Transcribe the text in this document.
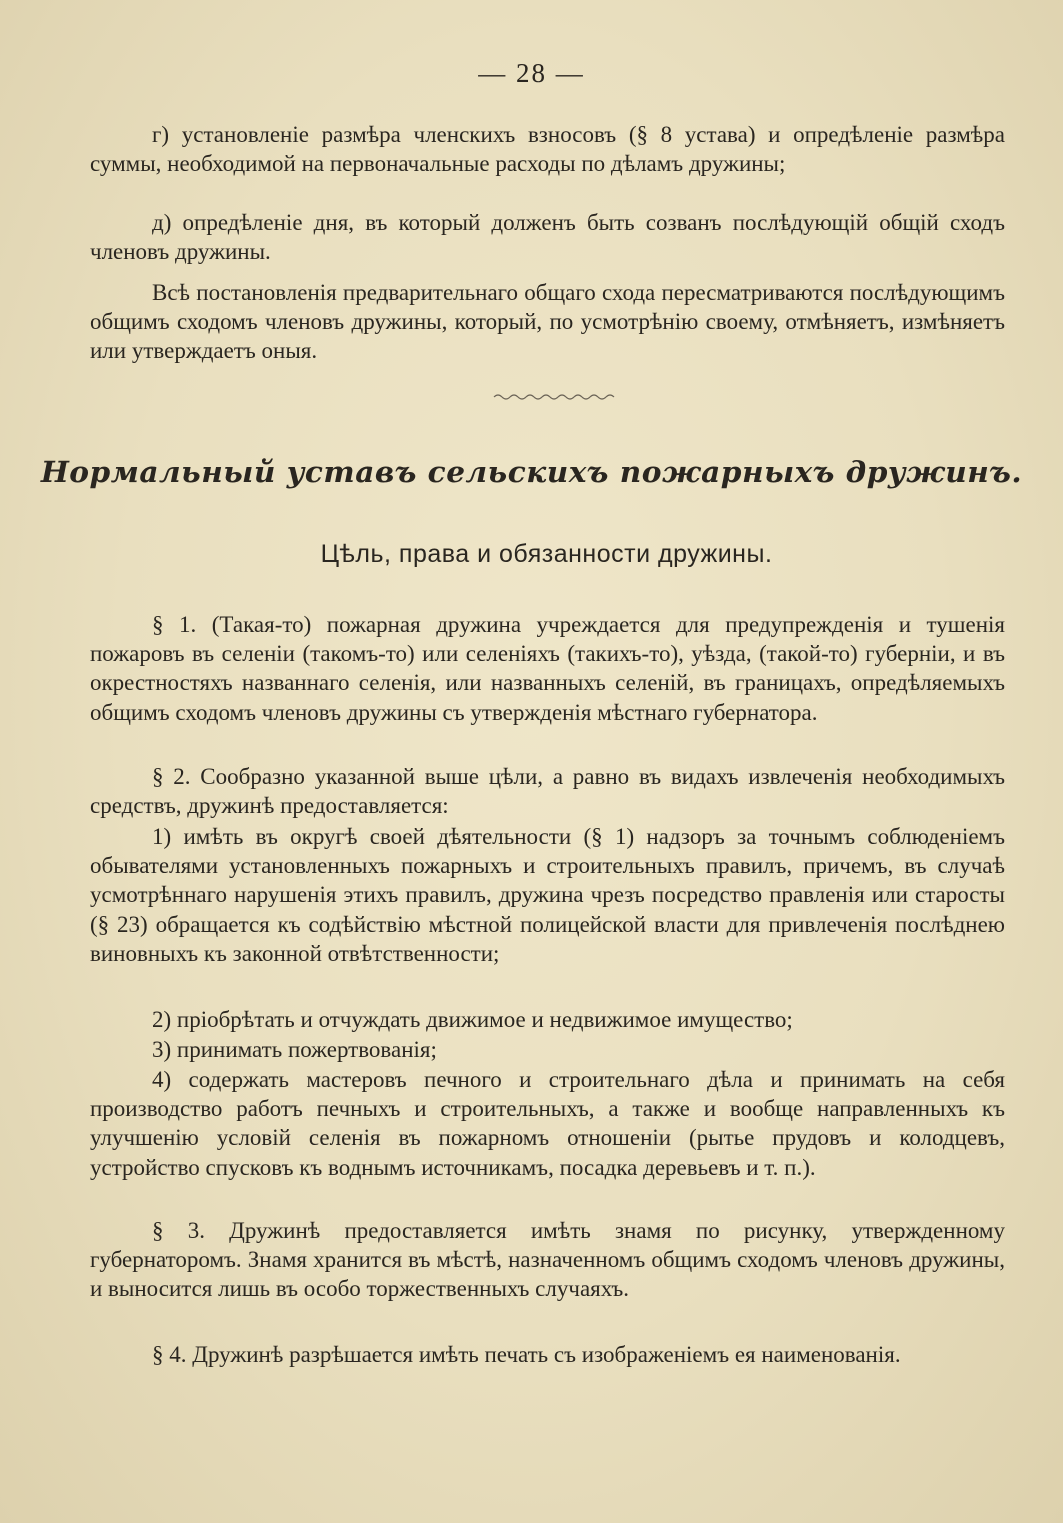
— 28 —

г) установленіе размѣра членскихъ взносовъ (§ 8 устава) и опредѣленіе размѣра суммы, необходимой на первоначальные расходы по дѣламъ дружины;

д) опредѣленіе дня, въ который долженъ быть созванъ послѣдующій общій сходъ членовъ дружины.

Всѣ постановленія предварительнаго общаго схода пересматриваются послѣдующимъ общимъ сходомъ членовъ дружины, который, по усмотрѣнію своему, отмѣняетъ, измѣняетъ или утверждаетъ оныя.

Нормальный уставъ сельскихъ пожарныхъ дружинъ.
Цѣль, права и обязанности дружины.

§ 1. (Такая-то) пожарная дружина учреждается для предупрежденія и тушенія пожаровъ въ селеніи (такомъ-то) или селеніяхъ (такихъ-то), уѣзда, (такой-то) губерніи, и въ окрестностяхъ названнаго селенія, или названныхъ селеній, въ границахъ, опредѣляемыхъ общимъ сходомъ членовъ дружины съ утвержденія мѣстнаго губернатора.

§ 2. Сообразно указанной выше цѣли, а равно въ видахъ извлеченія необходимыхъ средствъ, дружинѣ предоставляется:

1) имѣть въ округѣ своей дѣятельности (§ 1) надзоръ за точнымъ соблюденіемъ обывателями установленныхъ пожарныхъ и строительныхъ правилъ, причемъ, въ случаѣ усмотрѣннаго нарушенія этихъ правилъ, дружина чрезъ посредство правленія или старосты (§ 23) обращается къ содѣйствію мѣстной полицейской власти для привлеченія послѣднею виновныхъ къ законной отвѣтственности;

2) пріобрѣтать и отчуждать движимое и недвижимое имущество;

3) принимать пожертвованія;

4) содержать мастеровъ печного и строительнаго дѣла и принимать на себя производство работъ печныхъ и строительныхъ, а также и вообще направленныхъ къ улучшенію условій селенія въ пожарномъ отношеніи (рытье прудовъ и колодцевъ, устройство спусковъ къ воднымъ источникамъ, посадка деревьевъ и т. п.).

§ 3. Дружинѣ предоставляется имѣть знамя по рисунку, утвержденному губернаторомъ. Знамя хранится въ мѣстѣ, назначенномъ общимъ сходомъ членовъ дружины, и выносится лишь въ особо торжественныхъ случаяхъ.

§ 4. Дружинѣ разрѣшается имѣть печать съ изображеніемъ ея наименованія.
